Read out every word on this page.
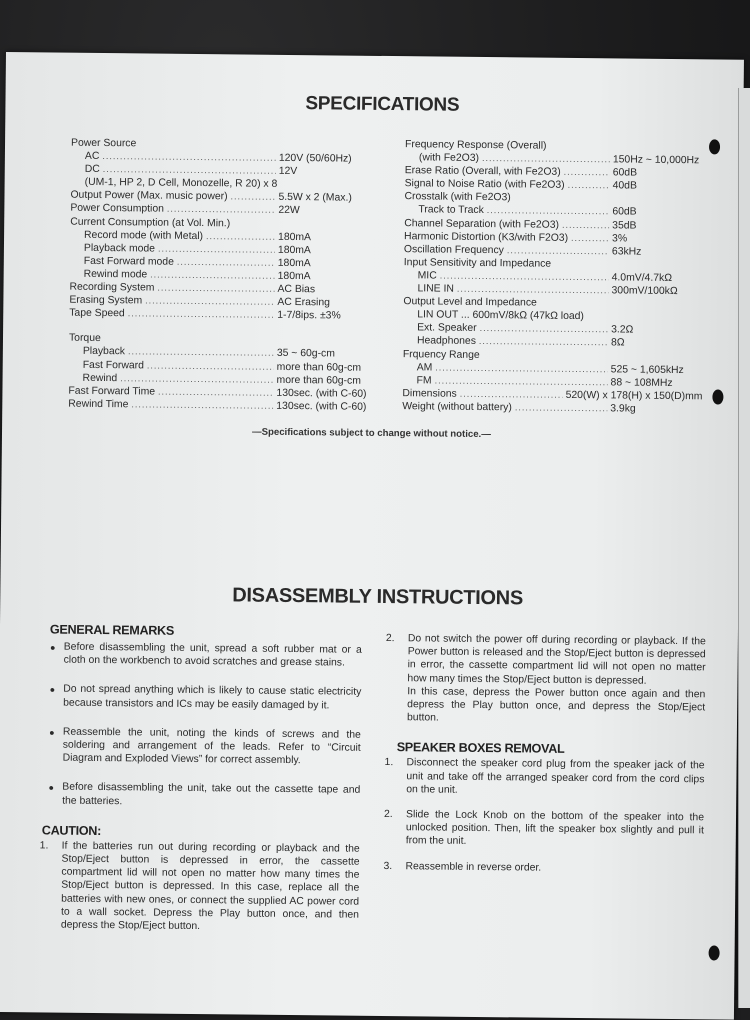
SPECIFICATIONS
Power Source
AC .....	120V (50/60Hz)
DC .....	12V
(UM-1, HP 2, D Cell, Monozelle, R 20) x 8
Output Power (Max. music power) .....	5.5W x 2 (Max.)
Power Consumption .....	22W
Current Consumption (at Vol. Min.)
Record mode (with Metal) .....	180mA
Playback mode .....	180mA
Fast Forward mode .....	180mA
Rewind mode .....	180mA
Recording System .....	AC Bias
Erasing System .....	AC Erasing
Tape Speed .....	1-7/8ips. ±3%
Torque
Playback .....	35 ~ 60g-cm
Fast Forward .....	more than 60g-cm
Rewind .....	more than 60g-cm
Fast Forward Time .....	130sec. (with C-60)
Rewind Time .....	130sec. (with C-60)
Frequency Response (Overall)
(with Fe2O3) .....	150Hz ~ 10,000Hz
Erase Ratio (Overall, with Fe2O3) .....	60dB
Signal to Noise Ratio (with Fe2O3) .....	40dB
Crosstalk (with Fe2O3)
Track to Track .....	60dB
Channel Separation (with Fe2O3) .....	35dB
Harmonic Distortion (K3/with F2O3) .....	3%
Oscillation Frequency .....	63kHz
Input Sensitivity and Impedance
MIC .....	4.0mV/4.7kΩ
LINE IN .....	300mV/100kΩ
Output Level and Impedance
LIN OUT ... 600mV/8kΩ (47kΩ load)
Ext. Speaker .....	3.2Ω
Headphones .....	8Ω
Frquency Range
AM .....	525 ~ 1,605kHz
FM .....	88 ~ 108MHz
Dimensions .....	520(W) x 178(H) x 150(D)mm
Weight (without battery) .....	3.9kg
—Specifications subject to change without notice.—
DISASSEMBLY INSTRUCTIONS
GENERAL REMARKS
● Before disassembling the unit, spread a soft rubber mat or a cloth on the workbench to avoid scratches and grease stains.
● Do not spread anything which is likely to cause static electricity because transistors and ICs may be easily damaged by it.
● Reassemble the unit, noting the kinds of screws and the soldering and arrangement of the leads. Refer to “Circuit Diagram and Exploded Views” for correct assembly.
● Before disassembling the unit, take out the cassette tape and the batteries.
CAUTION:
1.	If the batteries run out during recording or playback and the Stop/Eject button is depressed in error, the cassette compartment lid will not open no matter how many times the Stop/Eject button is depressed. In this case, replace all the batteries with new ones, or connect the supplied AC power cord to a wall socket. Depress the Play button once, and then depress the Stop/Eject button.
2.	Do not switch the power off during recording or playback. If the Power button is released and the Stop/Eject button is depressed in error, the cassette compartment lid will not open no matter how many times the Stop/Eject button is depressed.
In this case, depress the Power button once again and then depress the Play button once, and depress the Stop/Eject button.
SPEAKER BOXES REMOVAL
1.	Disconnect the speaker cord plug from the speaker jack of the unit and take off the arranged speaker cord from the cord clips on the unit.
2.	Slide the Lock Knob on the bottom of the speaker into the unlocked position. Then, lift the speaker box slightly and pull it from the unit.
3.	Reassemble in reverse order.
